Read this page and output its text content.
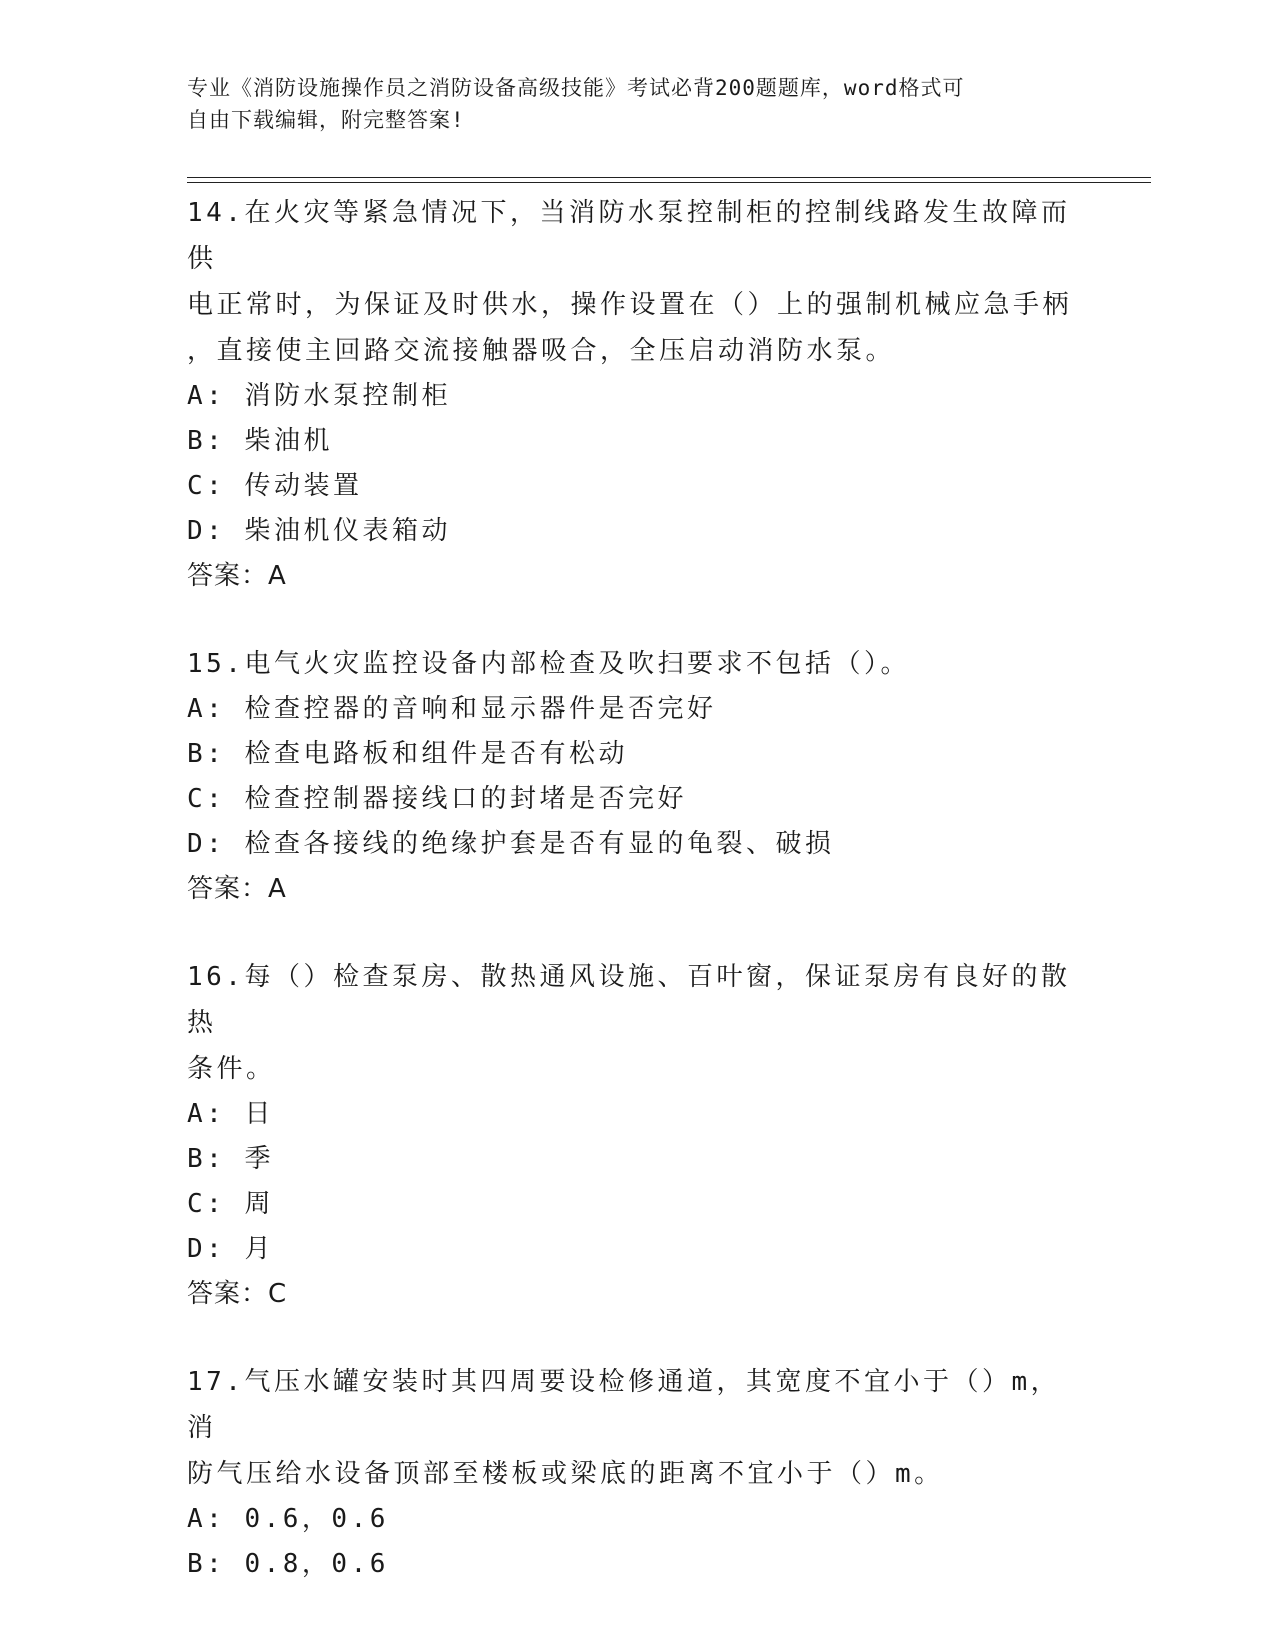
专业《消防设施操作员之消防设备高级技能》考试必背200题题库，word格式可
自由下载编辑，附完整答案!

14.在火灾等紧急情况下，当消防水泵控制柜的控制线路发生故障而供

电正常时，为保证及时供水，操作设置在（）上的强制机械应急手柄

，直接使主回路交流接触器吸合，全压启动消防水泵。

A: 消防水泵控制柜

B: 柴油机

C: 传动装置

D: 柴油机仪表箱动

答案：A

15.电气火灾监控设备内部检查及吹扫要求不包括（）。

A: 检查控器的音响和显示器件是否完好

B: 检查电路板和组件是否有松动

C: 检查控制器接线口的封堵是否完好

D: 检查各接线的绝缘护套是否有显的龟裂、破损

答案：A

16.每（）检查泵房、散热通风设施、百叶窗，保证泵房有良好的散热

条件。

A: 日

B: 季

C: 周

D: 月

答案：C

17.气压水罐安装时其四周要设检修通道，其宽度不宜小于（）m，消

防气压给水设备顶部至楼板或梁底的距离不宜小于（）m。

A: 0.6，0.6

B: 0.8，0.6
